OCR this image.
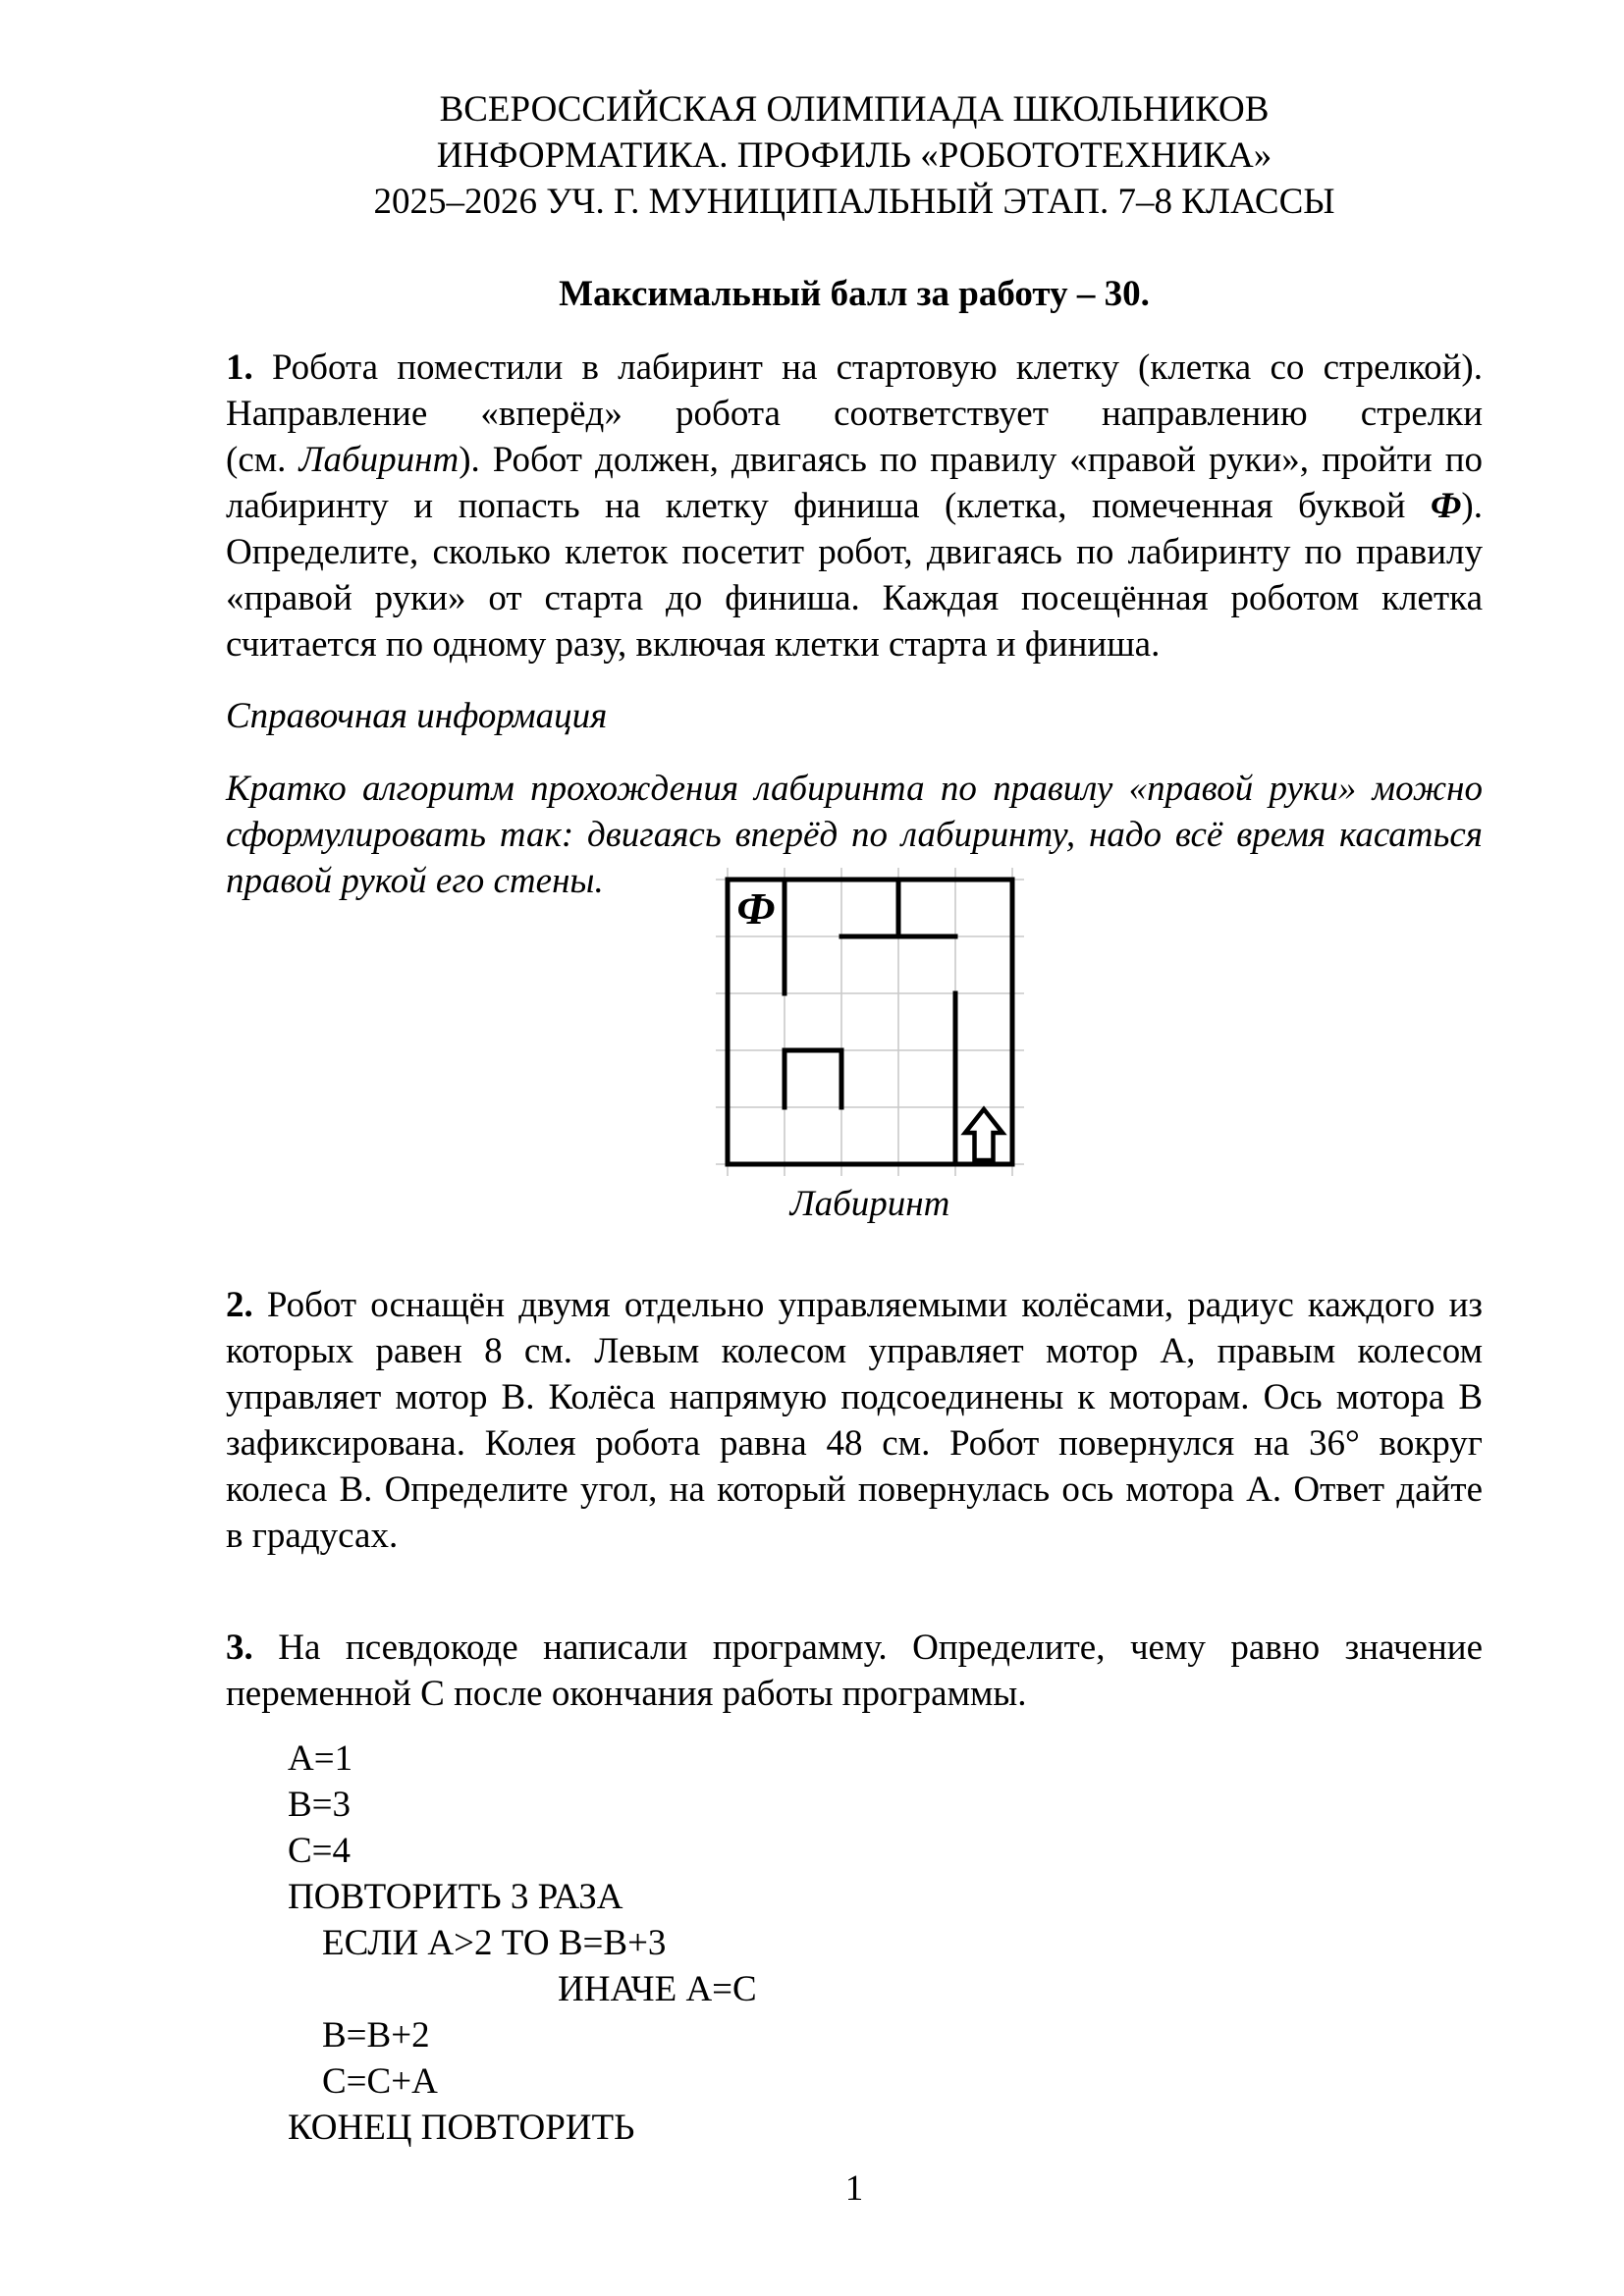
ВСЕРОССИЙСКАЯ ОЛИМПИАДА ШКОЛЬНИКОВ
ИНФОРМАТИКА. ПРОФИЛЬ «РОБОТОТЕХНИКА»
2025–2026 УЧ. Г. МУНИЦИПАЛЬНЫЙ ЭТАП. 7–8 КЛАССЫ
Максимальный балл за работу – 30.
1. Робота поместили в лабиринт на стартовую клетку (клетка со стрелкой).
Направление «вперёд» робота соответствует направлению стрелки
(см. Лабиринт). Робот должен, двигаясь по правилу «правой руки», пройти по
лабиринту и попасть на клетку финиша (клетка, помеченная буквой Ф).
Определите, сколько клеток посетит робот, двигаясь по лабиринту по правилу
«правой руки» от старта до финиша. Каждая посещённая роботом клетка
считается по одному разу, включая клетки старта и финиша.
Справочная информация
Кратко алгоритм прохождения лабиринта по правилу «правой руки» можно
сформулировать так: двигаясь вперёд по лабиринту, надо всё время касаться
правой рукой его стены.
Ф
Лабиринт
2. Робот оснащён двумя отдельно управляемыми колёсами, радиус каждого из
которых равен 8 см. Левым колесом управляет мотор А, правым колесом
управляет мотор В. Колёса напрямую подсоединены к моторам. Ось мотора В
зафиксирована. Колея робота равна 48 см. Робот повернулся на 36° вокруг
колеса В. Определите угол, на который повернулась ось мотора А. Ответ дайте
в градусах.
3. На псевдокоде написали программу. Определите, чему равно значение
переменной С после окончания работы программы.
А=1
В=3
С=4
ПОВТОРИТЬ 3 РАЗА
ЕСЛИ А>2 ТО В=В+3
ИНАЧЕ А=С
В=В+2
С=С+А
КОНЕЦ ПОВТОРИТЬ
1
